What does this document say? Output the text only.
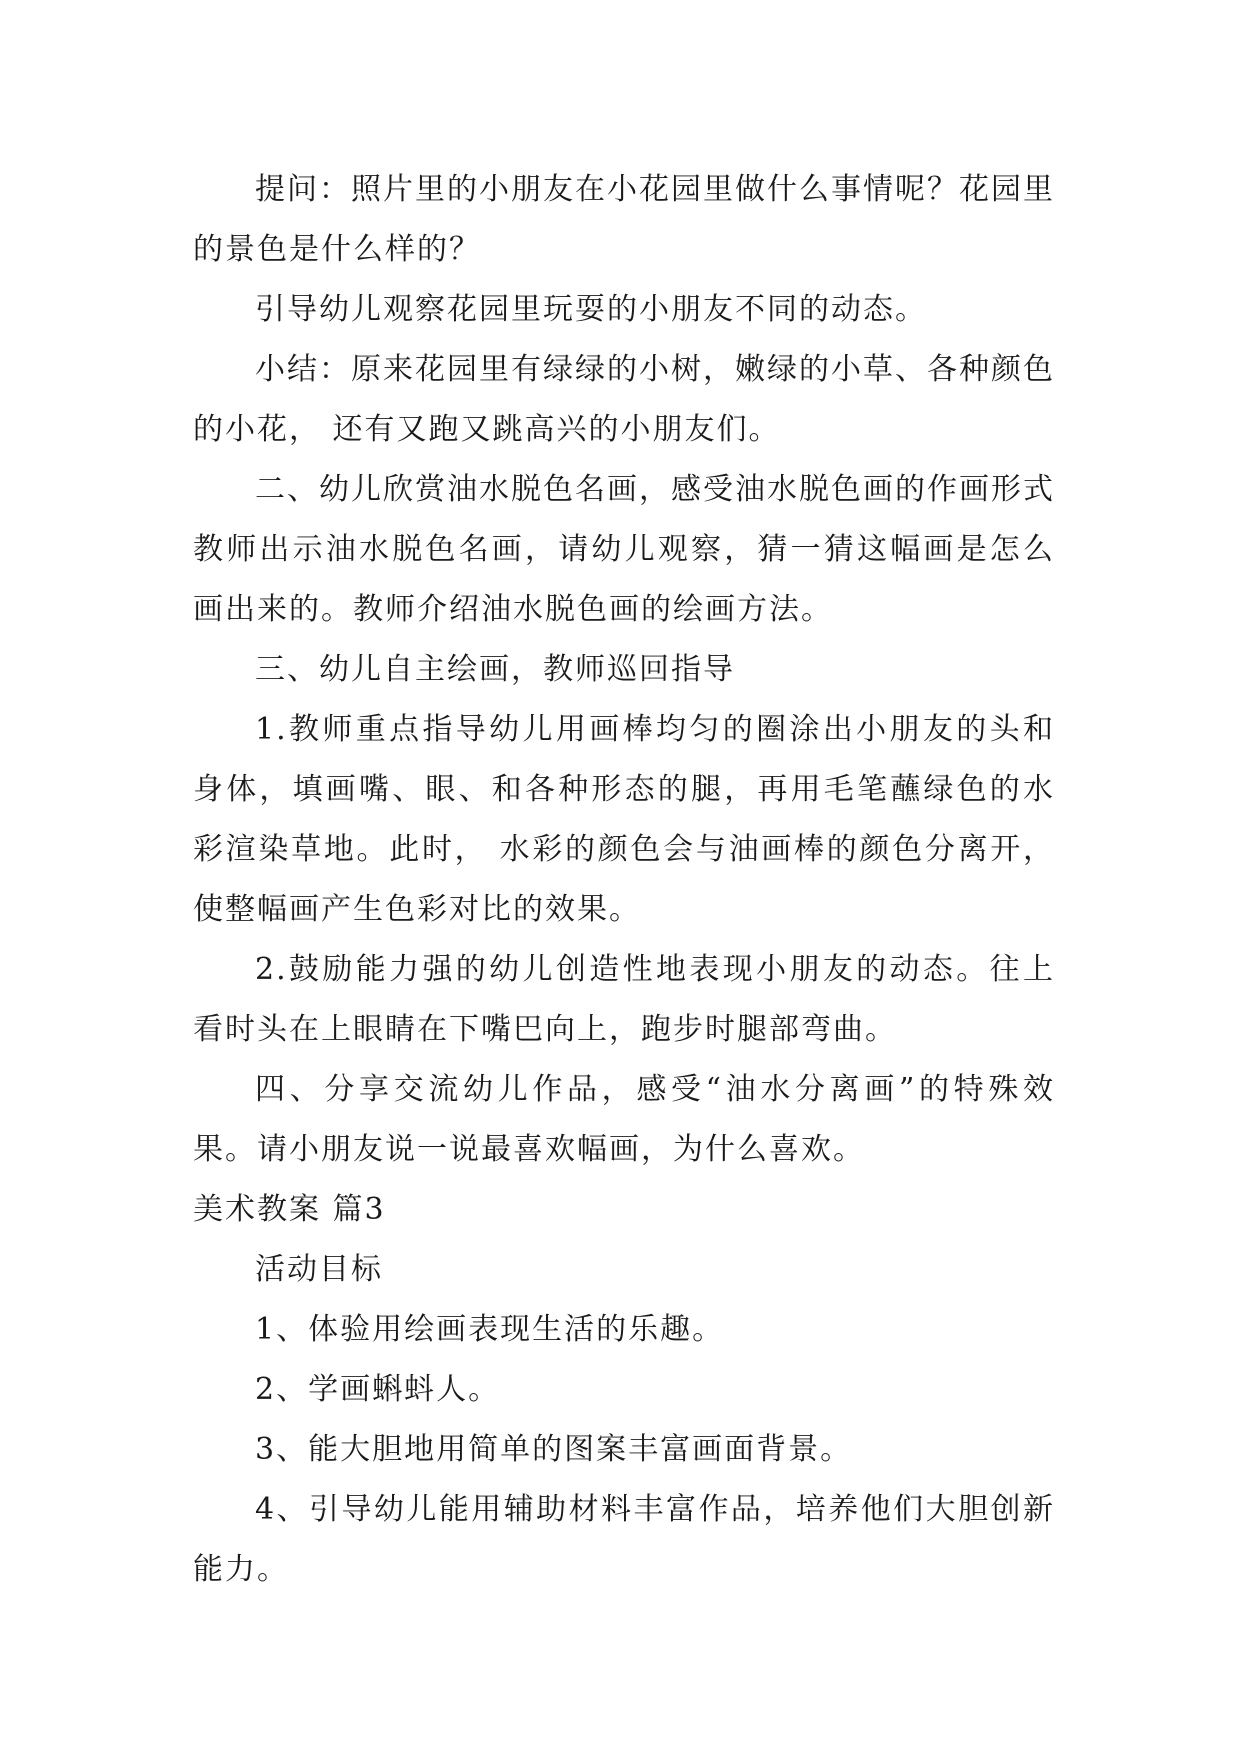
提问：照片里的小朋友在小花园里做什么事情呢？花园里的景色是什么样的？

引导幼儿观察花园里玩耍的小朋友不同的动态。

小结：原来花园里有绿绿的小树，嫩绿的小草、各种颜色的小花， 还有又跑又跳高兴的小朋友们。

二、幼儿欣赏油水脱色名画，感受油水脱色画的作画形式教师出示油水脱色名画，请幼儿观察，猜一猜这幅画是怎么画出来的。教师介绍油水脱色画的绘画方法。

三、幼儿自主绘画，教师巡回指导

1.教师重点指导幼儿用画棒均匀的圈涂出小朋友的头和身体，填画嘴、眼、和各种形态的腿，再用毛笔蘸绿色的水彩渲染草地。此时， 水彩的颜色会与油画棒的颜色分离开，使整幅画产生色彩对比的效果。

2.鼓励能力强的幼儿创造性地表现小朋友的动态。往上看时头在上眼睛在下嘴巴向上，跑步时腿部弯曲。

四、分享交流幼儿作品，感受“油水分离画”的特殊效果。请小朋友说一说最喜欢幅画，为什么喜欢。

美术教案 篇3

活动目标

1、体验用绘画表现生活的乐趣。

2、学画蝌蚪人。

3、能大胆地用简单的图案丰富画面背景。

4、引导幼儿能用辅助材料丰富作品，培养他们大胆创新能力。
